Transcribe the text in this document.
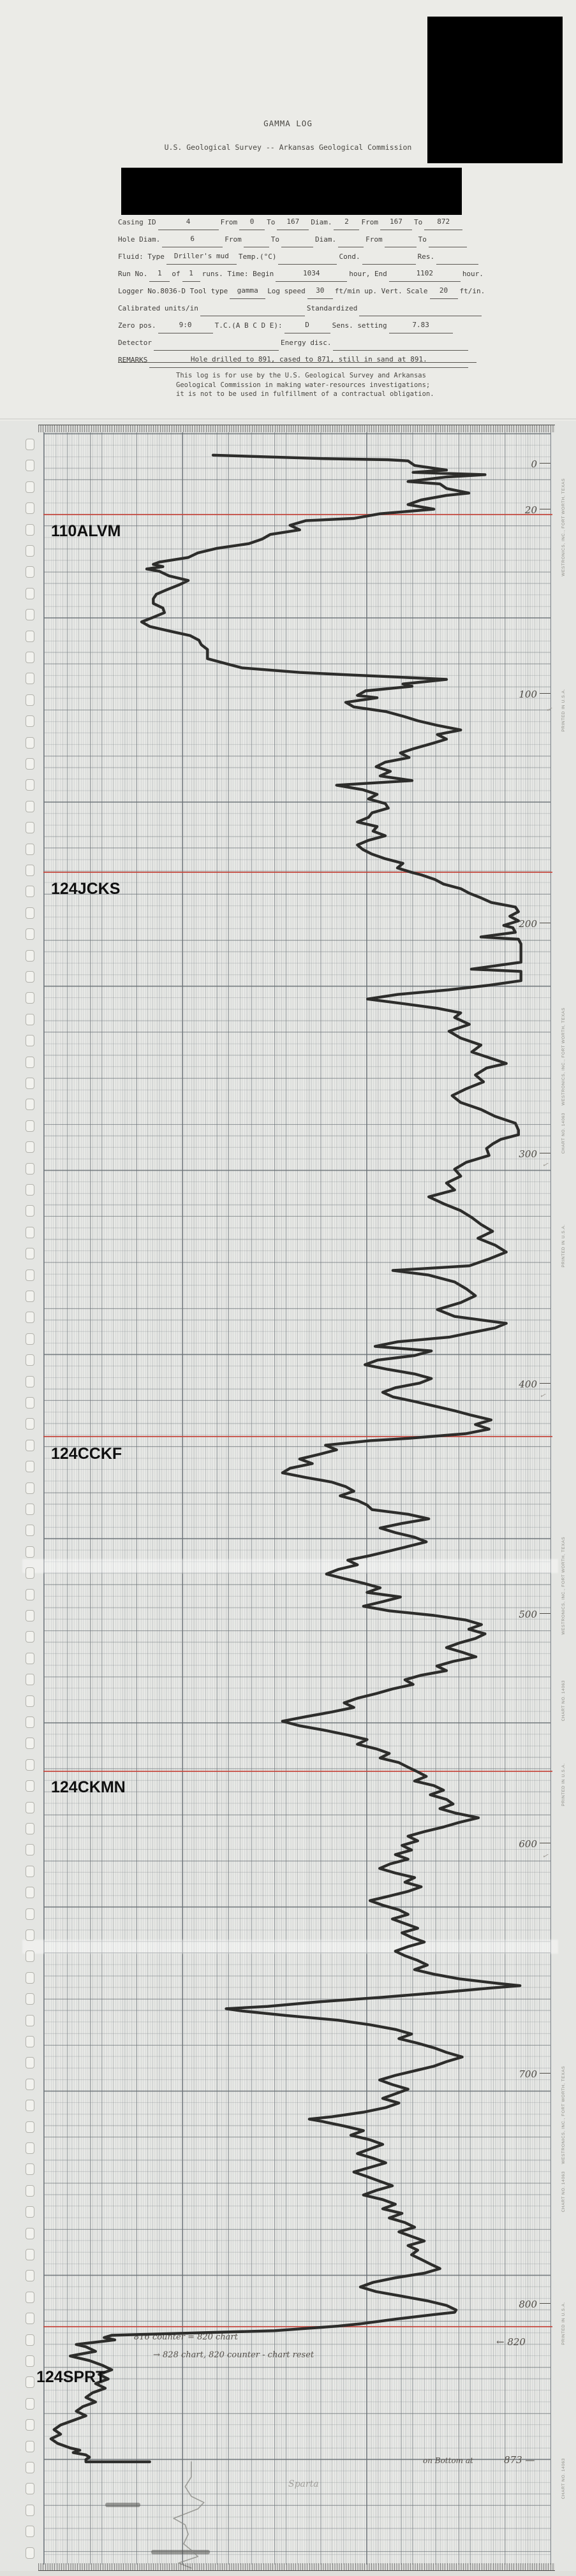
GAMMA LOG
U.S. Geological Survey -- Arkansas Geological Commission
Casing ID	4	From 0 To 167 Diam. 2 From 167 To 872
Hole Diam.	6	From	To	Diam.	From	To
Fluid: Type Driller's mud Temp.(°C)	Cond.	Res.
Run No. 1 of 1 runs. Time: Begin	1034	hour, End	1102	hour.
Logger No.8036-D Tool type gamma Log speed 30 ft/min up. Vert. Scale 20 ft/in.
Calibrated units/in	Standardized
Zero pos.	9:0	T.C.(A B C D E):	D	Sens. setting	7.83
Detector	Energy disc.
REMARKS	Hole drilled to 891, cased to 871, still in sand at 891.
This log is for use by the U.S. Geological Survey and Arkansas
Geological Commission in making water-resources investigations;
it is not to be used in fulfillment of a contractual obligation.
WESTRONICS, INC., FORT WORTH, TEXAS
PRINTED IN U.S.A.
WESTRONICS, INC., FORT WORTH, TEXAS
CHART NO. 14063
PRINTED IN U.S.A.
WESTRONICS, INC., FORT WORTH, TEXAS
CHART NO. 14063
PRINTED IN U.S.A.
WESTRONICS, INC., FORT WORTH, TEXAS
CHART NO. 14063
PRINTED IN U.S.A.
CHART NO. 14063
0
20
100
200
300
400
500
600
700
800
816 counter = 820 chart
→ 828 chart, 820 counter - chart reset
← 820
on Bottom at	873 —
Sparta
✓
✓
✓
✓
110ALVM
124JCKS
124CCKF
124CKMN
124SPRT
